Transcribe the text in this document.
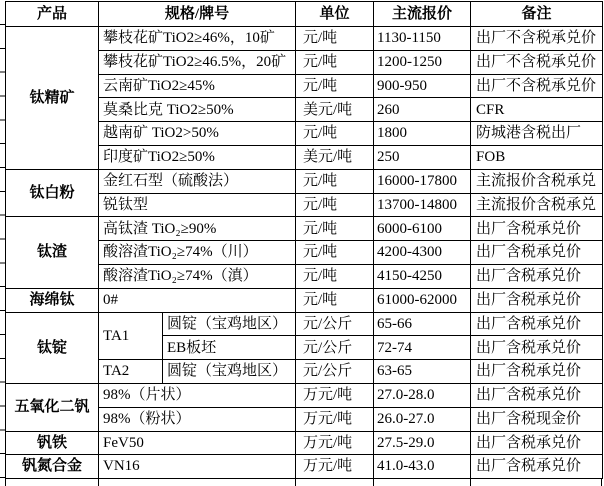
产品	规格/牌号		单位	主流报价	备注
钛精矿	攀枝花矿TiO2≥46%，10矿		元/吨	1130-1150	出厂不含税承兑价
	攀枝花矿TiO2≥46.5%，20矿		元/吨	1200-1250	出厂不含税承兑价
	云南矿TiO2≥45%		元/吨	900-950	出厂不含税承兑价
	莫桑比克 TiO2≥50%		美元/吨	260	CFR
	越南矿 TiO2>50%		元/吨	1800	防城港含税出厂
	印度矿TiO2≥50%		美元/吨	250	FOB
钛白粉	金红石型（硫酸法）		元/吨	16000-17800	主流报价含税承兑
	锐钛型		元/吨	13700-14800	主流报价含税承兑
钛渣	高钛渣 TiO₂≥90%		元/吨	6000-6100	出厂含税承兑价
	酸溶渣TiO₂≥74%（川）		元/吨	4200-4300	出厂含税承兑价
	酸溶渣TiO₂≥74%（滇）		元/吨	4150-4250	出厂含税承兑价
海绵钛	0#		元/吨	61000-62000	出厂含税承兑价
钛锭	TA1	圆锭（宝鸡地区）	元/公斤	65-66	出厂含税承兑价
		EB板坯	元/公斤	72-74	出厂含税承兑价
	TA2	圆锭（宝鸡地区）	元/公斤	63-65	出厂含税承兑价
五氧化二钒	98%（片状）		万元/吨	27.0-28.0	出厂含税承兑价
	98%（粉状）		万元/吨	26.0-27.0	出厂含税现金价
钒铁	FeV50		万元/吨	27.5-29.0	出厂含税承兑价
钒氮合金	VN16		万元/吨	41.0-43.0	出厂含税承兑价
